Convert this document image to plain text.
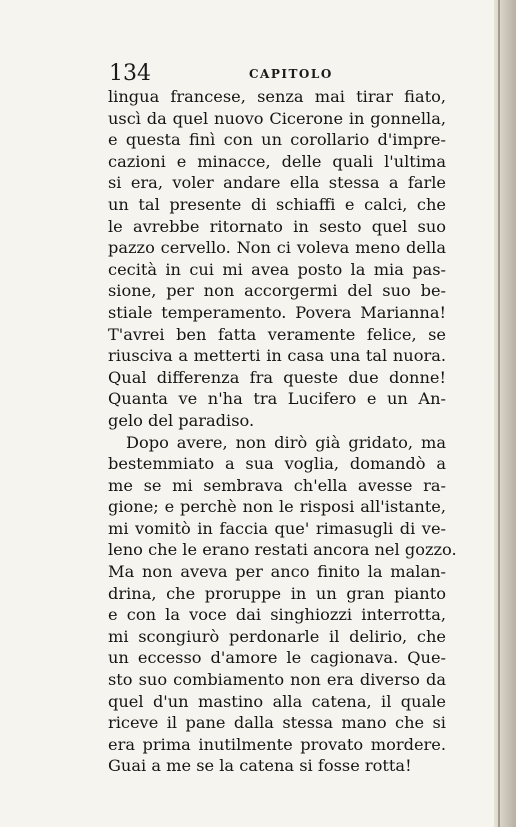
134	CAPITOLO
lingua francese, senza mai tirar fiato,
uscì da quel nuovo Cicerone in gonnella,
e questa finì con un corollario d'impre-
cazioni e minacce, delle quali l'ultima
si era, voler andare ella stessa a farle
un tal presente di schiaffi e calci, che
le avrebbe ritornato in sesto quel suo
pazzo cervello. Non ci voleva meno della
cecità in cui mi avea posto la mia pas-
sione, per non accorgermi del suo be-
stiale temperamento. Povera Marianna!
T'avrei ben fatta veramente felice, se
riusciva a metterti in casa una tal nuora.
Qual differenza fra queste due donne!
Quanta ve n'ha tra Lucifero e un An-
gelo del paradiso.
Dopo avere, non dirò già gridato, ma
bestemmiato a sua voglia, domandò a
me se mi sembrava ch'ella avesse ra-
gione; e perchè non le risposi all'istante,
mi vomitò in faccia que' rimasugli di ve-
leno che le erano restati ancora nel gozzo.
Ma non aveva per anco finito la malan-
drina, che proruppe in un gran pianto
e con la voce dai singhiozzi interrotta,
mi scongiurò perdonarle il delirio, che
un eccesso d'amore le cagionava. Que-
sto suo combiamento non era diverso da
quel d'un mastino alla catena, il quale
riceve il pane dalla stessa mano che si
era prima inutilmente provato mordere.
Guai a me se la catena si fosse rotta!
